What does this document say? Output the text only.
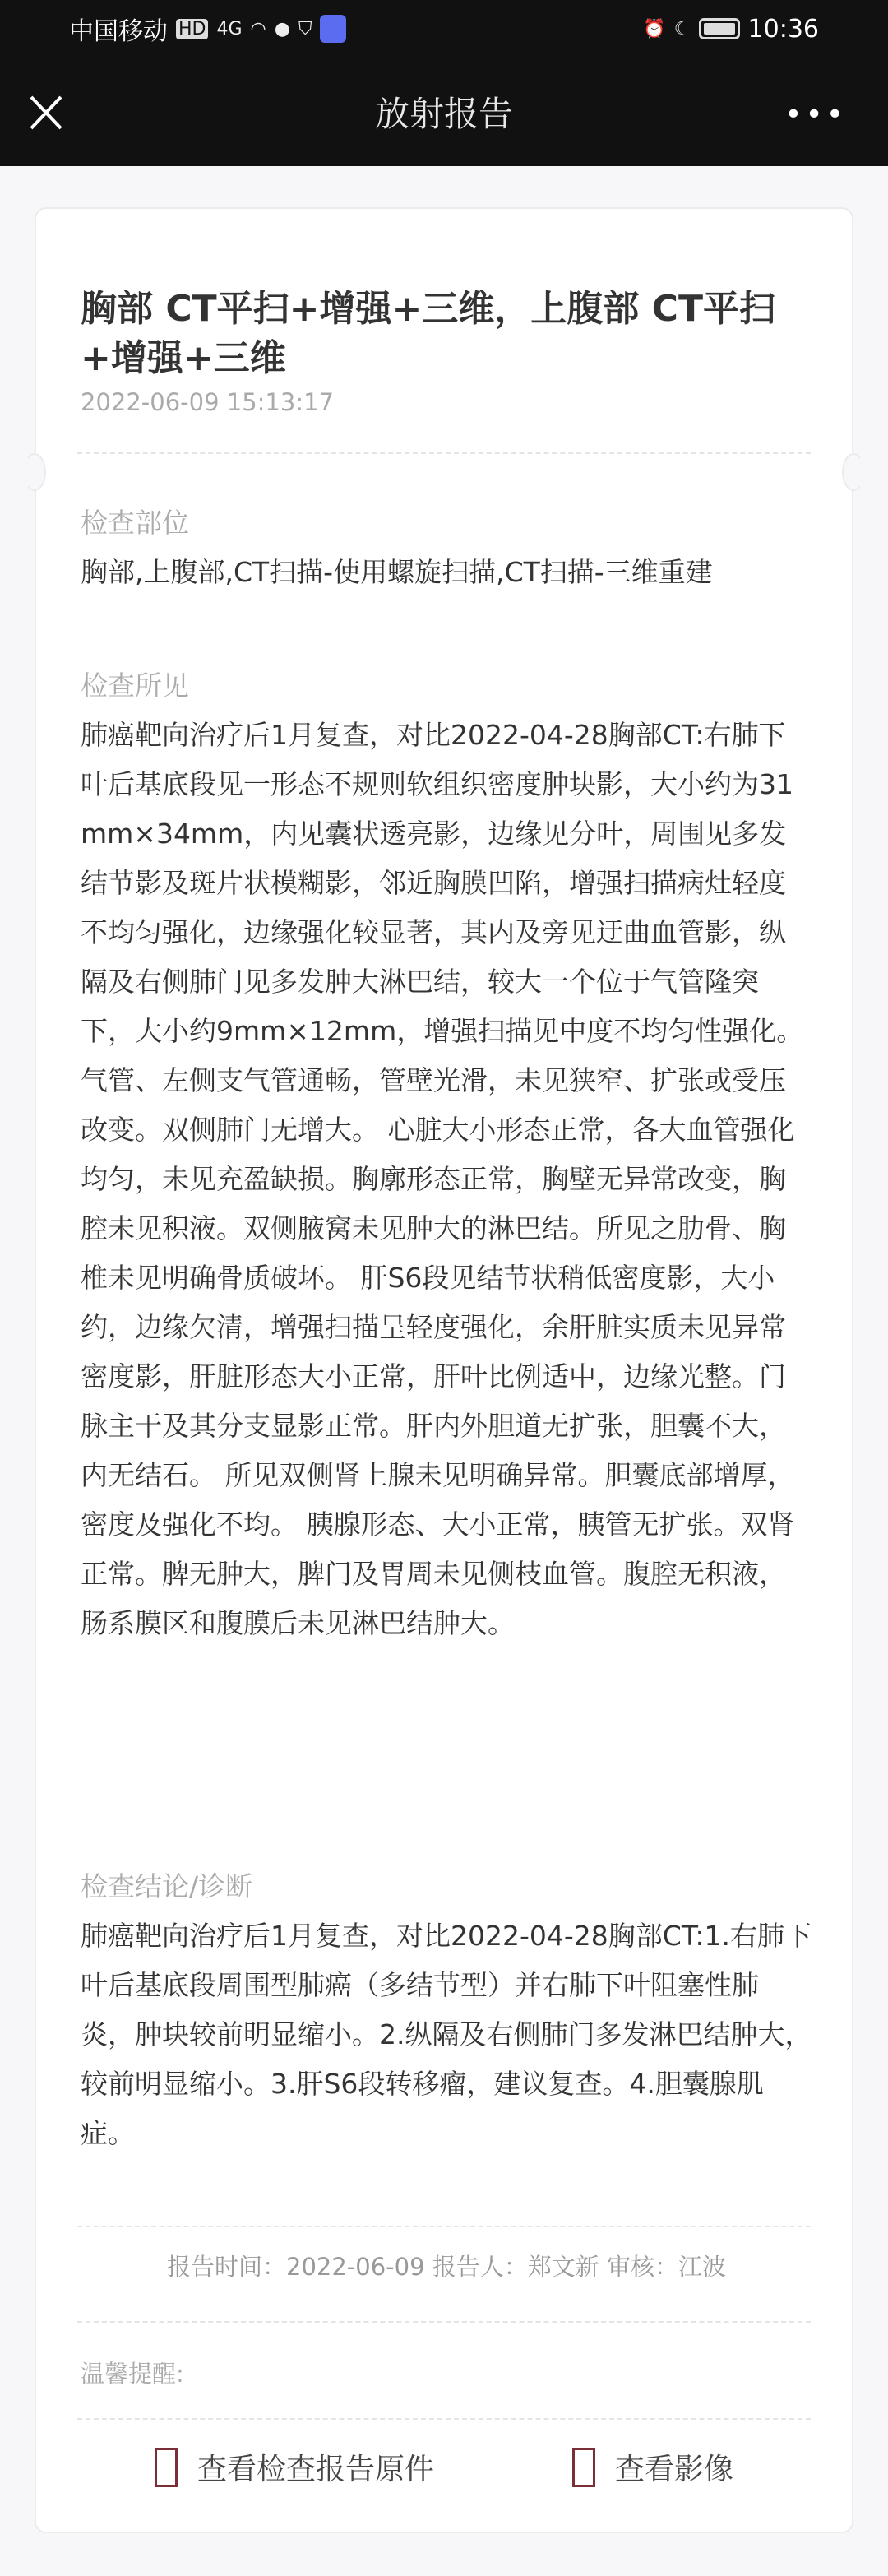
中国移动 HD 4G ◠ ● ⛉	⏰ ☾ 10:36
放射报告	•••
胸部 CT平扫+增强+三维，上腹部 CT平扫+增强+三维
2022-06-09 15:13:17
检查部位
胸部,上腹部,CT扫描-使用螺旋扫描,CT扫描-三维重建
检查所见
肺癌靶向治疗后1月复查，对比2022-04-28胸部CT:右肺下叶后基底段见一形态不规则软组织密度肿块影，大小约为31mm×34mm，内见囊状透亮影，边缘见分叶，周围见多发结节影及斑片状模糊影，邻近胸膜凹陷，增强扫描病灶轻度不均匀强化，边缘强化较显著，其内及旁见迂曲血管影，纵隔及右侧肺门见多发肿大淋巴结，较大一个位于气管隆突下，大小约9mm×12mm，增强扫描见中度不均匀性强化。气管、左侧支气管通畅，管壁光滑，未见狭窄、扩张或受压改变。双侧肺门无增大。 心脏大小形态正常，各大血管强化均匀，未见充盈缺损。胸廓形态正常，胸壁无异常改变，胸腔未见积液。双侧腋窝未见肿大的淋巴结。所见之肋骨、胸椎未见明确骨质破坏。 肝S6段见结节状稍低密度影，大小约，边缘欠清，增强扫描呈轻度强化，余肝脏实质未见异常密度影，肝脏形态大小正常，肝叶比例适中，边缘光整。门脉主干及其分支显影正常。肝内外胆道无扩张，胆囊不大，内无结石。 所见双侧肾上腺未见明确异常。胆囊底部增厚，密度及强化不均。 胰腺形态、大小正常，胰管无扩张。双肾正常。脾无肿大，脾门及胃周未见侧枝血管。腹腔无积液，肠系膜区和腹膜后未见淋巴结肿大。
检查结论/诊断
肺癌靶向治疗后1月复查，对比2022-04-28胸部CT:1.右肺下叶后基底段周围型肺癌（多结节型）并右肺下叶阻塞性肺炎，肿块较前明显缩小。2.纵隔及右侧肺门多发淋巴结肿大，较前明显缩小。3.肝S6段转移瘤，建议复查。4.胆囊腺肌症。
报告时间：2022-06-09 报告人：郑文新 审核：江波
温馨提醒:
查看检查报告原件	查看影像
